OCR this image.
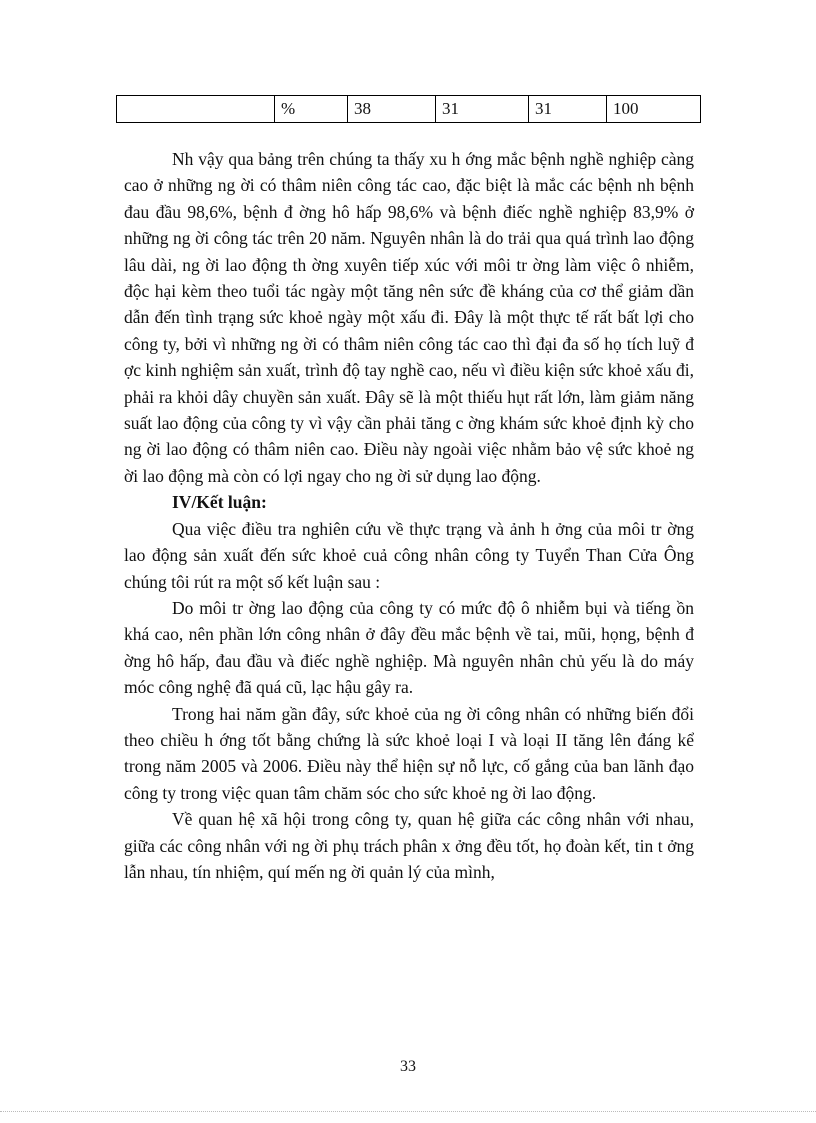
	%	38	31	31	100

Nh vậy qua bảng trên chúng ta thấy xu h ớng mắc bệnh nghề nghiệp càng cao ở những ng ời có thâm niên công tác cao, đặc biệt là mắc các bệnh nh bệnh đau đầu 98,6%, bệnh đ ờng hô hấp 98,6% và bệnh điếc nghề nghiệp 83,9% ở những ng ời công tác trên 20 năm. Nguyên nhân là do trải qua quá trình lao động lâu dài, ng ời lao động th ờng xuyên tiếp xúc với môi tr ờng làm việc ô nhiễm, độc hại kèm theo tuổi tác ngày một tăng nên sức đề kháng của cơ thể giảm dần dẫn đến tình trạng sức khoẻ ngày một xấu đi. Đây là một thực tế rất bất lợi cho công ty, bởi vì những ng ời có thâm niên công tác cao thì đại đa số họ tích luỹ đ ợc kinh nghiệm sản xuất, trình độ tay nghề cao, nếu vì điều kiện sức khoẻ xấu đi, phải ra khỏi dây chuyền sản xuất. Đây sẽ là một thiếu hụt rất lớn, làm giảm năng suất lao động của công ty vì vậy cần phải tăng c ờng khám sức khoẻ định kỳ cho ng ời lao động có thâm niên cao. Điều này ngoài việc nhằm bảo vệ sức khoẻ ng ời lao động mà còn có lợi ngay cho ng ời sử dụng lao động.

IV/Kết luận:

Qua việc điều tra nghiên cứu về thực trạng và ảnh h ởng của môi tr ờng lao động sản xuất đến sức khoẻ cuả công nhân công ty Tuyển Than Cửa Ông chúng tôi rút ra một số kết luận sau :

Do môi tr ờng lao động của công ty có mức độ ô nhiễm bụi và tiếng ồn khá cao, nên phần lớn công nhân ở đây đều mắc bệnh về tai, mũi, họng, bệnh đ ờng hô hấp, đau đầu và điếc nghề nghiệp. Mà nguyên nhân chủ yếu là do máy móc công nghệ đã quá cũ, lạc hậu gây ra.

Trong hai năm gần đây, sức khoẻ của ng ời công nhân có những biến đổi theo chiều h ớng tốt bằng chứng là sức khoẻ loại I và loại II tăng lên đáng kể trong năm 2005 và 2006. Điều này thể hiện sự nỗ lực, cố gắng của ban lãnh đạo công ty trong việc quan tâm chăm sóc cho sức khoẻ ng ời lao động.

Về quan hệ xã hội trong công ty, quan hệ giữa các công nhân với nhau, giữa các công nhân với ng ời phụ trách phân x ởng đều tốt, họ đoàn kết, tin t ởng lẫn nhau, tín nhiệm, quí mến ng ời quản lý của mình,

33
